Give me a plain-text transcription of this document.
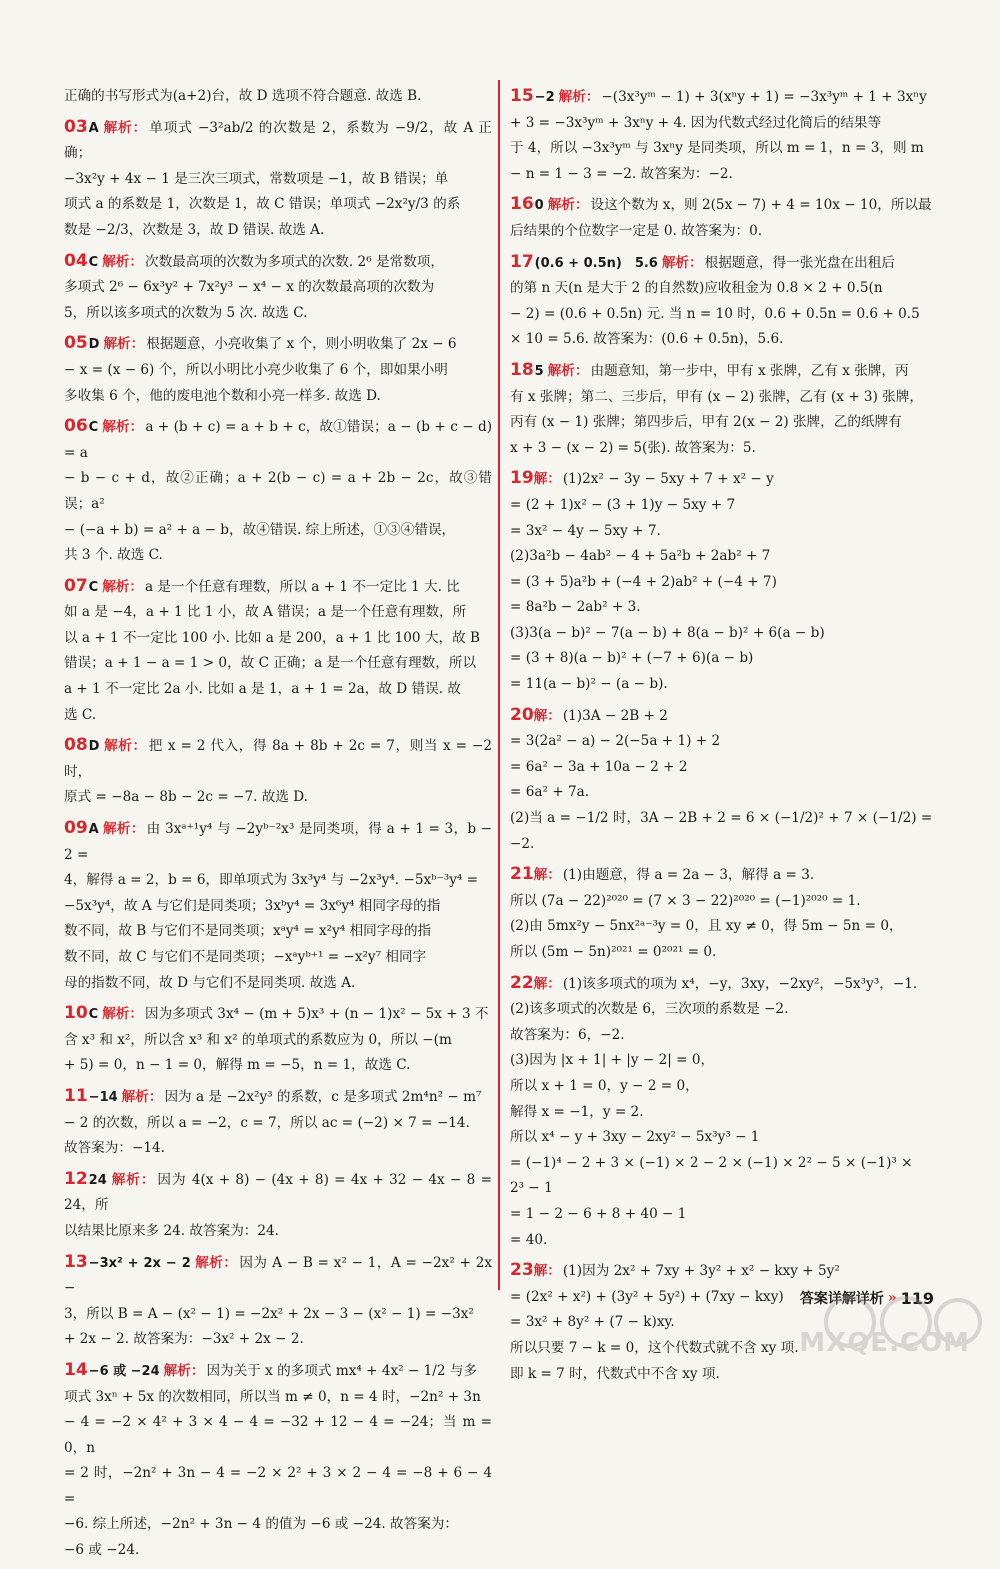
正确的书写形式为(a+2)台，故 D 选项不符合题意. 故选 B.
03A 解析： 单项式 −3²ab/2 的次数是 2，系数为 −9/2，故 A 正确；
−3x²y + 4x − 1 是三次三项式，常数项是 −1，故 B 错误；单
项式 a 的系数是 1，次数是 1，故 C 错误；单项式 −2x²y/3 的系
数是 −2/3，次数是 3，故 D 错误. 故选 A.
04C 解析： 次数最高项的次数为多项式的次数. 2⁶ 是常数项，
多项式 2⁶ − 6x³y² + 7x²y³ − x⁴ − x 的次数最高项的次数为
5，所以该多项式的次数为 5 次. 故选 C.
05D 解析： 根据题意，小亮收集了 x 个，则小明收集了 2x − 6
− x = (x − 6) 个，所以小明比小亮少收集了 6 个，即如果小明
多收集 6 个，他的废电池个数和小亮一样多. 故选 D.
06C 解析： a + (b + c) = a + b + c，故①错误；a − (b + c − d) = a
− b − c + d，故②正确；a + 2(b − c) = a + 2b − 2c，故③错误；a²
− (−a + b) = a² + a − b，故④错误. 综上所述，①③④错误，
共 3 个. 故选 C.
07C 解析： a 是一个任意有理数，所以 a + 1 不一定比 1 大. 比
如 a 是 −4，a + 1 比 1 小，故 A 错误；a 是一个任意有理数，所
以 a + 1 不一定比 100 小. 比如 a 是 200，a + 1 比 100 大，故 B
错误；a + 1 − a = 1 > 0，故 C 正确；a 是一个任意有理数，所以
a + 1 不一定比 2a 小. 比如 a 是 1，a + 1 = 2a，故 D 错误. 故
选 C.
08D 解析： 把 x = 2 代入，得 8a + 8b + 2c = 7，则当 x = −2 时，
原式 = −8a − 8b − 2c = −7. 故选 D.
09A 解析： 由 3xᵃ⁺¹y⁴ 与 −2yᵇ⁻²x³ 是同类项，得 a + 1 = 3，b − 2 =
4，解得 a = 2，b = 6，即单项式为 3x³y⁴ 与 −2x³y⁴. −5xᵇ⁻³y⁴ =
−5x³y⁴，故 A 与它们是同类项；3xᵇy⁴ = 3x⁶y⁴ 相同字母的指
数不同，故 B 与它们不是同类项；xᵃy⁴ = x²y⁴ 相同字母的指
数不同，故 C 与它们不是同类项；−xᵃyᵇ⁺¹ = −x²y⁷ 相同字
母的指数不同，故 D 与它们不是同类项. 故选 A.
10C 解析： 因为多项式 3x⁴ − (m + 5)x³ + (n − 1)x² − 5x + 3 不
含 x³ 和 x²，所以含 x³ 和 x² 的单项式的系数应为 0，所以 −(m
+ 5) = 0，n − 1 = 0，解得 m = −5，n = 1，故选 C.
11−14 解析： 因为 a 是 −2x²y³ 的系数，c 是多项式 2m⁴n² − m⁷
− 2 的次数，所以 a = −2，c = 7，所以 ac = (−2) × 7 = −14.
故答案为：−14.
1224 解析： 因为 4(x + 8) − (4x + 8) = 4x + 32 − 4x − 8 = 24，所
以结果比原来多 24. 故答案为：24.
13−3x² + 2x − 2 解析： 因为 A − B = x² − 1，A = −2x² + 2x −
3，所以 B = A − (x² − 1) = −2x² + 2x − 3 − (x² − 1) = −3x²
+ 2x − 2. 故答案为：−3x² + 2x − 2.
14−6 或 −24 解析： 因为关于 x 的多项式 mx⁴ + 4x² − 1/2 与多
项式 3xⁿ + 5x 的次数相同，所以当 m ≠ 0，n = 4 时，−2n² + 3n
− 4 = −2 × 4² + 3 × 4 − 4 = −32 + 12 − 4 = −24；当 m = 0，n
= 2 时，−2n² + 3n − 4 = −2 × 2² + 3 × 2 − 4 = −8 + 6 − 4 =
−6. 综上所述，−2n² + 3n − 4 的值为 −6 或 −24. 故答案为：
−6 或 −24.
15−2 解析： −(3x³yᵐ − 1) + 3(xⁿy + 1) = −3x³yᵐ + 1 + 3xⁿy
+ 3 = −3x³yᵐ + 3xⁿy + 4. 因为代数式经过化简后的结果等
于 4，所以 −3x³yᵐ 与 3xⁿy 是同类项，所以 m = 1，n = 3，则 m
− n = 1 − 3 = −2. 故答案为：−2.
160 解析： 设这个数为 x，则 2(5x − 7) + 4 = 10x − 10，所以最
后结果的个位数字一定是 0. 故答案为：0.
17(0.6 + 0.5n)　5.6 解析： 根据题意，得一张光盘在出租后
的第 n 天(n 是大于 2 的自然数)应收租金为 0.8 × 2 + 0.5(n
− 2) = (0.6 + 0.5n) 元. 当 n = 10 时，0.6 + 0.5n = 0.6 + 0.5
× 10 = 5.6. 故答案为：(0.6 + 0.5n)，5.6.
185 解析： 由题意知，第一步中，甲有 x 张牌，乙有 x 张牌，丙
有 x 张牌；第二、三步后，甲有 (x − 2) 张牌，乙有 (x + 3) 张牌，
丙有 (x − 1) 张牌；第四步后，甲有 2(x − 2) 张牌，乙的纸牌有
x + 3 − (x − 2) = 5(张). 故答案为：5.
19解： (1)2x² − 3y − 5xy + 7 + x² − y
= (2 + 1)x² − (3 + 1)y − 5xy + 7
= 3x² − 4y − 5xy + 7.
(2)3a²b − 4ab² − 4 + 5a²b + 2ab² + 7
= (3 + 5)a²b + (−4 + 2)ab² + (−4 + 7)
= 8a²b − 2ab² + 3.
(3)3(a − b)² − 7(a − b) + 8(a − b)² + 6(a − b)
= (3 + 8)(a − b)² + (−7 + 6)(a − b)
= 11(a − b)² − (a − b).
20解： (1)3A − 2B + 2
= 3(2a² − a) − 2(−5a + 1) + 2
= 6a² − 3a + 10a − 2 + 2
= 6a² + 7a.
(2)当 a = −1/2 时，3A − 2B + 2 = 6 × (−1/2)² + 7 × (−1/2) =
−2.
21解： (1)由题意，得 a = 2a − 3，解得 a = 3.
所以 (7a − 22)²⁰²⁰ = (7 × 3 − 22)²⁰²⁰ = (−1)²⁰²⁰ = 1.
(2)由 5mx²y − 5nx²ᵃ⁻³y = 0，且 xy ≠ 0，得 5m − 5n = 0，
所以 (5m − 5n)²⁰²¹ = 0²⁰²¹ = 0.
22解： (1)该多项式的项为 x⁴，−y，3xy，−2xy²，−5x³y³，−1.
(2)该多项式的次数是 6，三次项的系数是 −2.
故答案为：6，−2.
(3)因为 |x + 1| + |y − 2| = 0，
所以 x + 1 = 0，y − 2 = 0，
解得 x = −1，y = 2.
所以 x⁴ − y + 3xy − 2xy² − 5x³y³ − 1
= (−1)⁴ − 2 + 3 × (−1) × 2 − 2 × (−1) × 2² − 5 × (−1)³ ×
2³ − 1
= 1 − 2 − 6 + 8 + 40 − 1
= 40.
23解： (1)因为 2x² + 7xy + 3y² + x² − kxy + 5y²
= (2x² + x²) + (3y² + 5y²) + (7xy − kxy)
= 3x² + 8y² + (7 − k)xy.
所以只要 7 − k = 0，这个代数式就不含 xy 项.
即 k = 7 时，代数式中不含 xy 项.
答案详解详析 » 119
MXQE.COM
